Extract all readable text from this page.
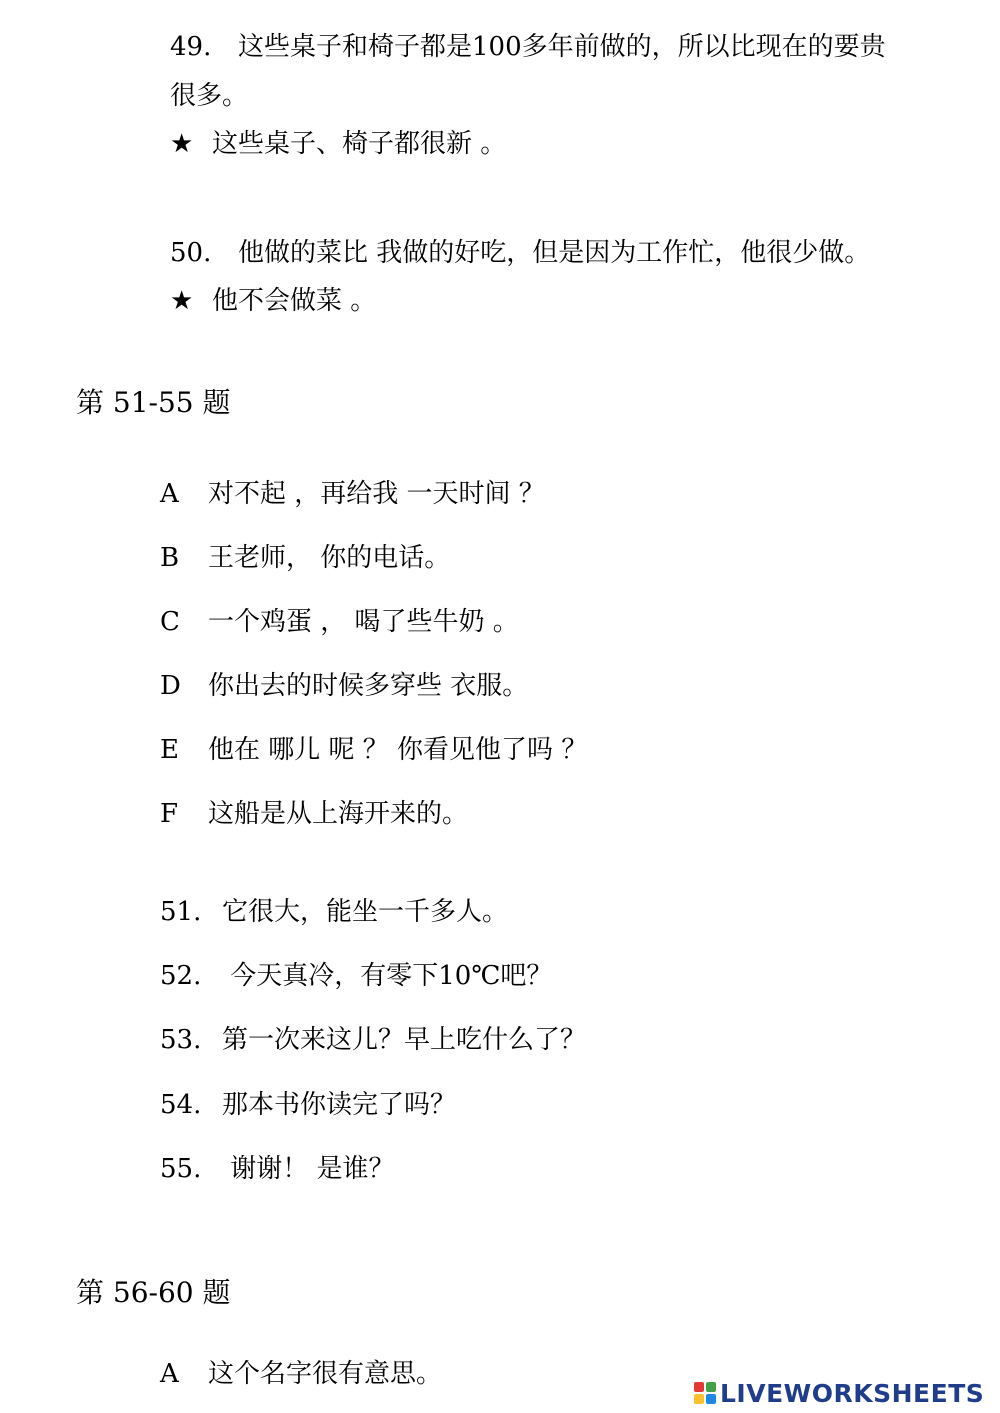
49. 这些桌子和椅子都是100多年前做的，所以比现在的要贵
很多。
★ 这些桌子、椅子都很新 。
50. 他做的菜比 我做的好吃，但是因为工作忙，他很少做。
★ 他不会做菜 。
第 51-55 题
A 对不起 ，再给我 一天时间 ？
B 王老师， 你的电话。
C 一个鸡蛋 ， 喝了些牛奶 。
D 你出去的时候多穿些 衣服。
E 他在 哪儿 呢 ？ 你看见他了吗 ？
F 这船是从上海开来的。
51. 它很大，能坐一千多人。
52. 今天真冷，有零下10℃吧？
53. 第一次来这儿？早上吃什么了？
54. 那本书你读完了吗？
55. 谢谢！ 是谁？
第 56-60 题
A 这个名字很有意思。
LIVEWORKSHEETS
